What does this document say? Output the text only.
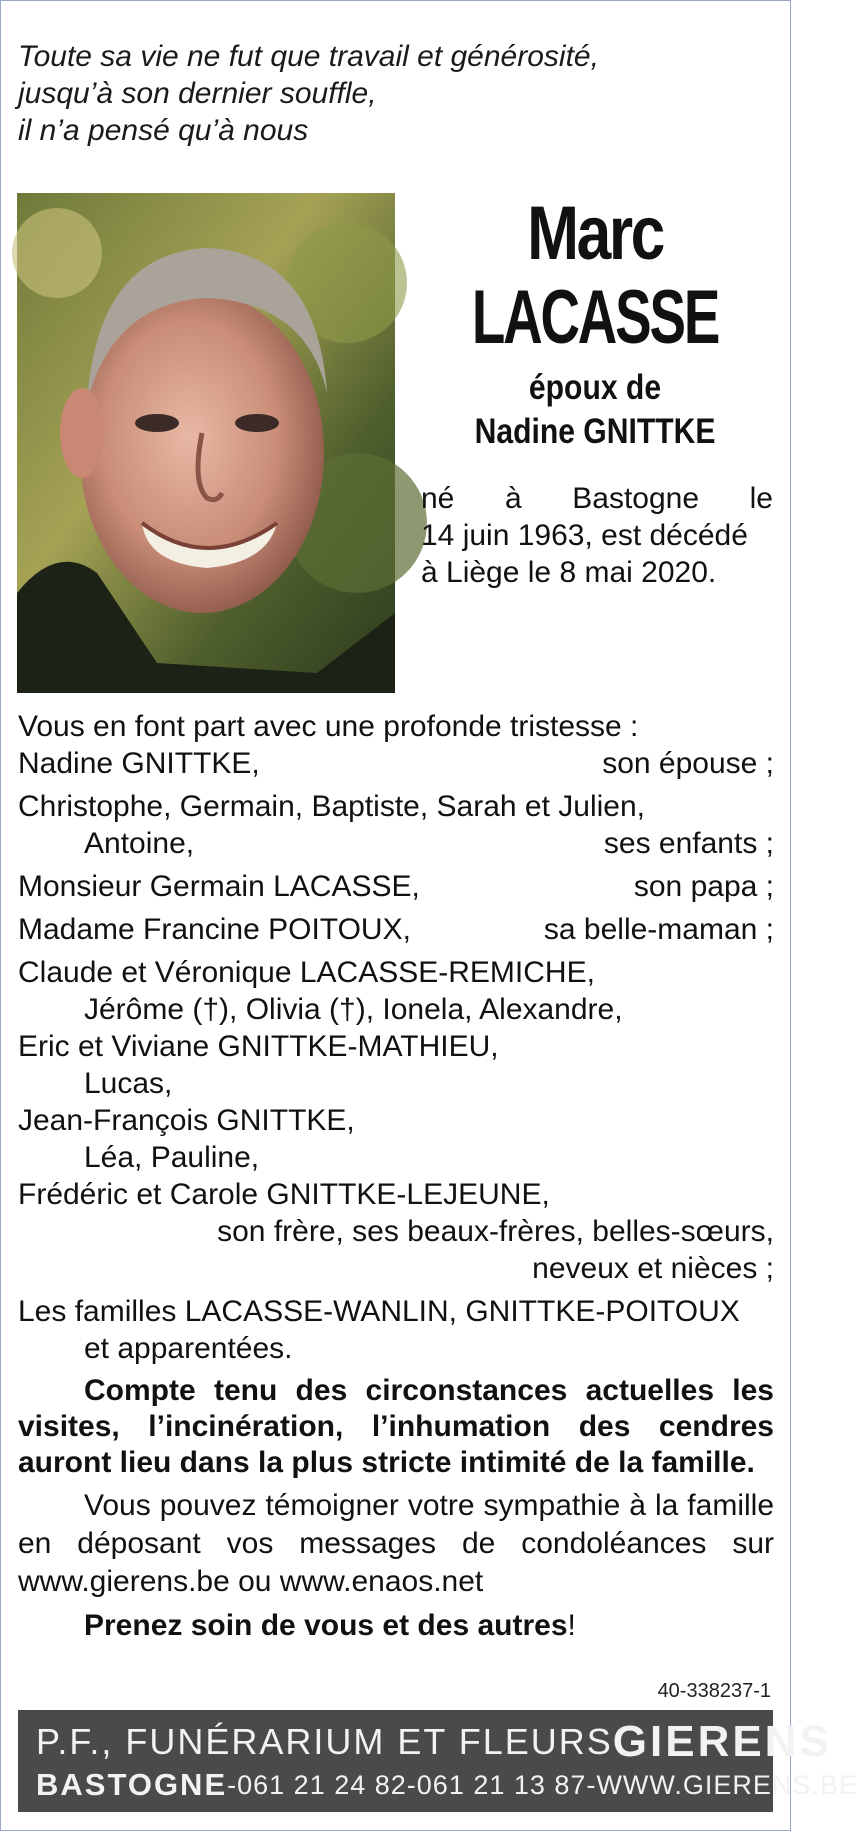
Toute sa vie ne fut que travail et générosité,
jusqu’à son dernier souffle,
il n’a pensé qu’à nous
Marc
LACASSE
époux de
Nadine GNITTKE
né à Bastogne le
14 juin 1963, est décédé
à Liège le 8 mai 2020.
Vous en font part avec une profonde tristesse :
Nadine GNITTKE,	son épouse ;
Christophe, Germain, Baptiste, Sarah et Julien,
Antoine,	ses enfants ;
Monsieur Germain LACASSE,	son papa ;
Madame Francine POITOUX,	sa belle-maman ;
Claude et Véronique LACASSE-REMICHE,
Jérôme (†), Olivia (†), Ionela, Alexandre,
Eric et Viviane GNITTKE-MATHIEU,
Lucas,
Jean-François GNITTKE,
Léa, Pauline,
Frédéric et Carole GNITTKE-LEJEUNE,
son frère, ses beaux-frères, belles-sœurs,
neveux et nièces ;
Les familles LACASSE-WANLIN, GNITTKE-POITOUX
et apparentées.
Compte tenu des circonstances actuelles les visites, l’incinération, l’inhumation des cendres auront lieu dans la plus stricte intimité de la famille.
Vous pouvez témoigner votre sympathie à la famille en déposant vos messages de condoléances sur www.gierens.be ou www.enaos.net
Prenez soin de vous et des autres!
40-338237-1
P.F., FUNÉRARIUM ET FLEURS GIERENS
BASTOGNE - 061 21 24 82 - 061 21 13 87 - WWW.GIERENS.BE
